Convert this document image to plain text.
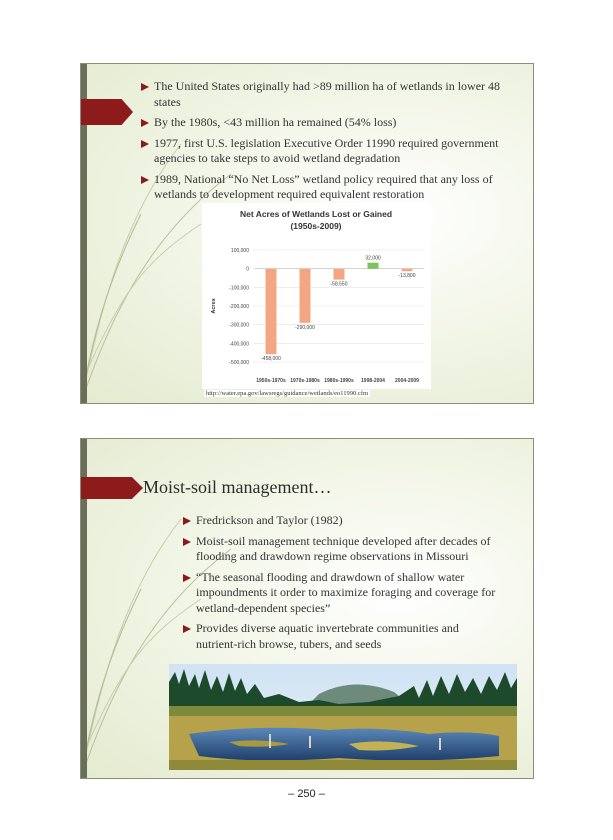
The United States originally had >89 million ha of wetlands in lower 48 states
By the 1980s, <43 million ha remained (54% loss)
1977, first U.S. legislation Executive Order 11990 required government agencies to take steps to avoid wetland degradation
1989, National “No Net Loss” wetland policy required that any loss of wetlands to development required equivalent restoration
Net Acres of Wetlands Lost or Gained
(1950s-2009)
Acres
100,000
0
-100,000
-200,000
-300,000
-400,000
-500,000
-458,000
1950s-1970s
-290,000
1970s-1980s
-58,550
1980s-1990s
32,000
1998-2004
-13,800
2004-2009
http://water.epa.gov/lawsregs/guidance/wetlands/eo11990.cfm
Moist-soil management…
Fredrickson and Taylor (1982)
Moist-soil management technique developed after decades of flooding and drawdown regime observations in Missouri
“The seasonal flooding and drawdown of shallow water impoundments it order to maximize foraging and coverage for wetland-dependent species”
Provides diverse aquatic invertebrate communities and nutrient-rich browse, tubers, and seeds
– 250 –
